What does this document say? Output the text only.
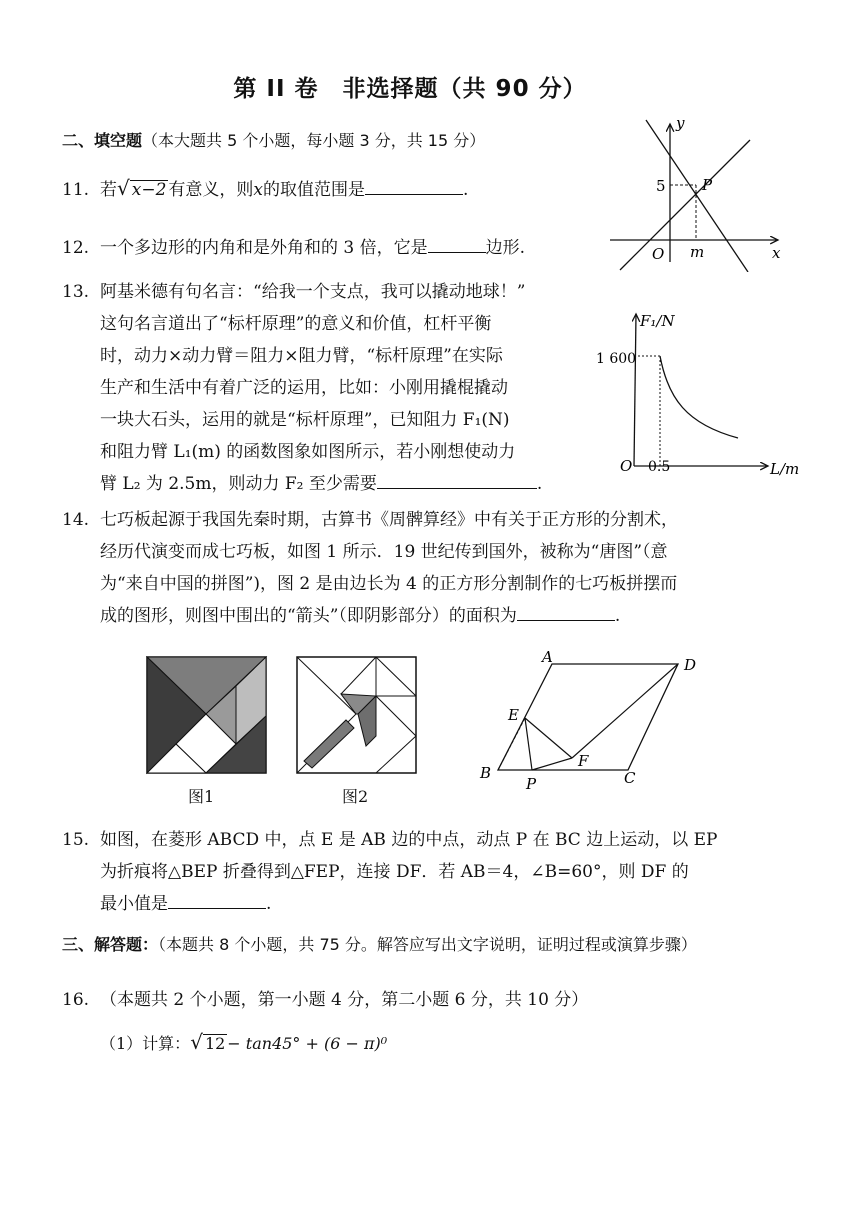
第 II 卷　非选择题（共 90 分）
二、填空题（本大题共 5 个小题，每小题 3 分，共 15 分）
11. 若√ x−2 有意义，则x的取值范围是	.
12. 一个多边形的内角和是外角和的 3 倍，它是	边形.
13. 阿基米德有句名言：“给我一个支点，我可以撬动地球！”
这句名言道出了“标杆原理”的意义和价值，杠杆平衡
时，动力×动力臂＝阻力×阻力臂，“标杆原理”在实际
生产和生活中有着广泛的运用，比如：小刚用撬棍撬动
一块大石头，运用的就是“标杆原理”，已知阻力 F₁(N)
和阻力臂 L₁(m) 的函数图象如图所示，若小刚想使动力
臂 L₂ 为 2.5m，则动力 F₂ 至少需要	.
14. 七巧板起源于我国先秦时期，古算书《周髀算经》中有关于正方形的分割术，
经历代演变而成七巧板，如图 1 所示．19 世纪传到国外，被称为“唐图”（意
为“来自中国的拼图”)，图 2 是由边长为 4 的正方形分割制作的七巧板拼摆而
成的图形，则图中围出的“箭头”（即阴影部分）的面积为	.
15. 如图，在菱形 ABCD 中，点 E 是 AB 边的中点，动点 P 在 BC 边上运动，以 EP
为折痕将△BEP 折叠得到△FEP，连接 DF．若 AB＝4，∠B=60°，则 DF 的
最小值是	.
三、解答题：（本题共 8 个小题，共 75 分。解答应写出文字说明，证明过程或演算步骤）
16. （本题共 2 个小题，第一小题 4 分，第二小题 6 分，共 10 分）
（1）计算：√ 12 − tan45° + (6 − π)⁰
y
x
O
5 P
m
F₁/N
L/m
O
1 600
0.5
图1	图2
A	D
E
B
P
F
C
